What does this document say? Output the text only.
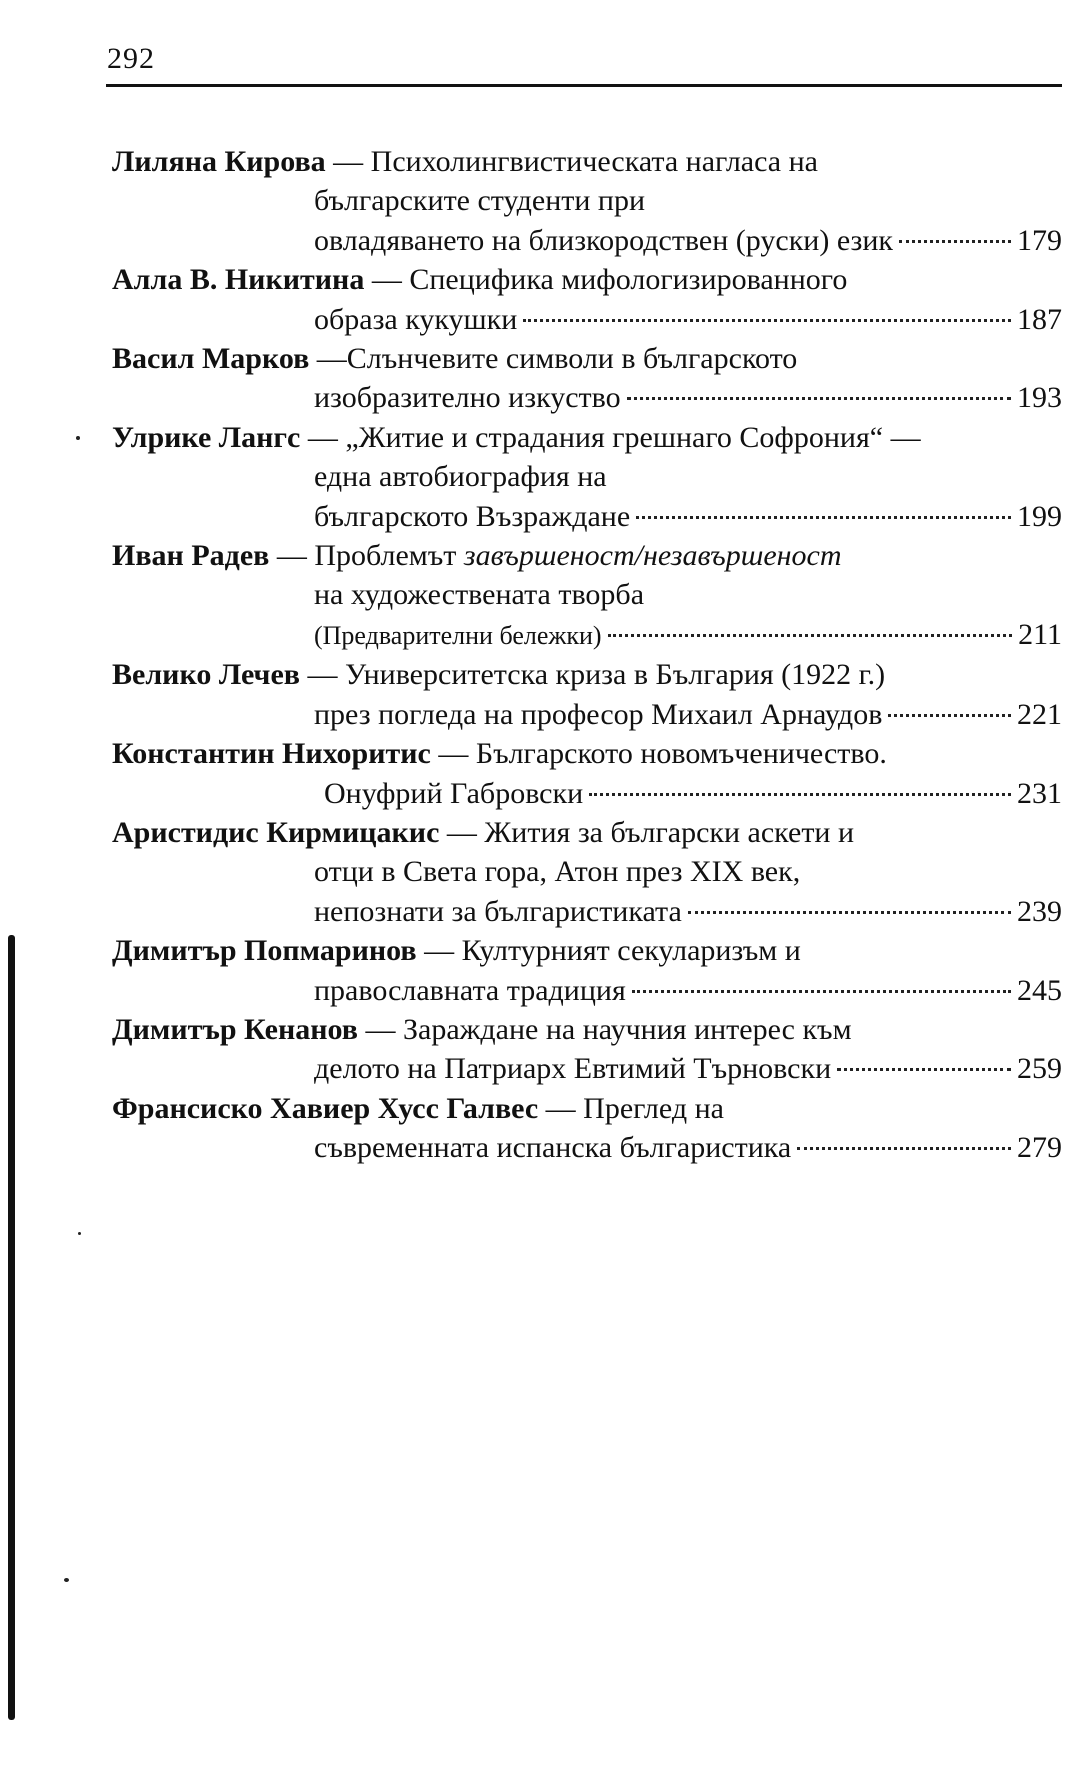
292
Лиляна Кирова — Психолингвистическата нагласа на
българските студенти при
овладяването на близкородствен (руски) език	179
Алла В. Никитина — Специфика мифологизированного
образа кукушки	187
Васил Марков —Слънчевите символи в българското
изобразително изкуство	193
Улрике Лангс — „Житие и страдания грешнаго Софрония“ —
една автобиография на
българското Възраждане	199
Иван Радев — Проблемът завършеност/незавършеност
на художествената творба
(Предварителни бележки)	211
Велико Лечев — Университетска криза в България (1922 г.)
през погледа на професор Михаил Арнаудов	221
Константин Нихоритис — Българското новомъченичество.
Онуфрий Габровски	231
Аристидис Кирмицакис — Жития за български аскети и
отци в Света гора, Атон през XIX век,
непознати за българистиката	239
Димитър Попмаринов — Културният секуларизъм и
православната традиция	245
Димитър Кенанов — Зараждане на научния интерес към
делото на Патриарх Евтимий Търновски	259
Франсиско Хавиер Хусс Галвес — Преглед на
съвременната испанска българистика	279
